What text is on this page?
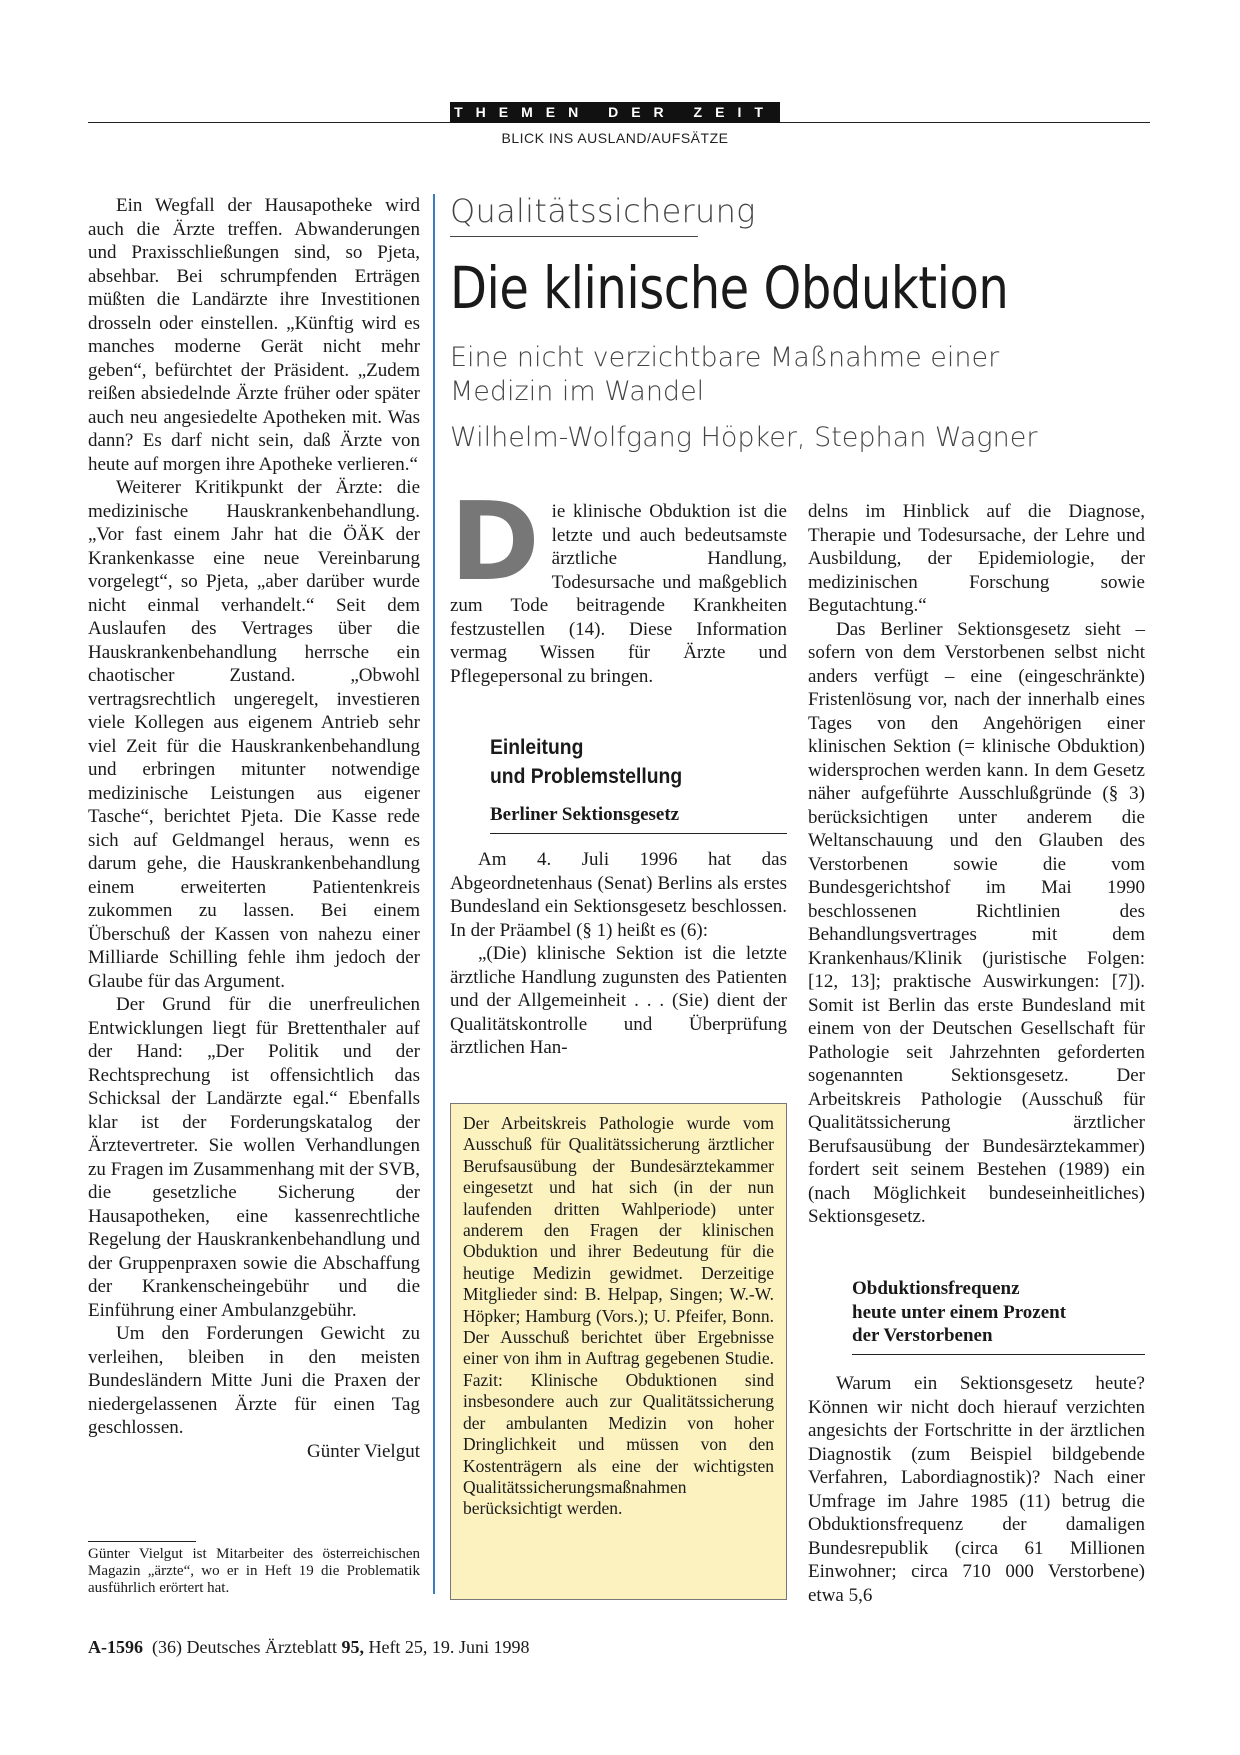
THEMEN DER ZEIT
BLICK INS AUSLAND/AUFSÄTZE

Ein Wegfall der Hausapotheke wird auch die Ärzte treffen. Abwanderungen und Praxisschließungen sind, so Pjeta, absehbar. Bei schrumpfenden Erträgen müßten die Landärzte ihre Investitionen drosseln oder einstellen. „Künftig wird es manches moderne Gerät nicht mehr geben“, befürchtet der Präsident. „Zudem reißen absiedelnde Ärzte früher oder später auch neu angesiedelte Apotheken mit. Was dann? Es darf nicht sein, daß Ärzte von heute auf morgen ihre Apotheke verlieren.“

Weiterer Kritikpunkt der Ärzte: die medizinische Hauskrankenbehandlung. „Vor fast einem Jahr hat die ÖÄK der Krankenkasse eine neue Vereinbarung vorgelegt“, so Pjeta, „aber darüber wurde nicht einmal verhandelt.“ Seit dem Auslaufen des Vertrages über die Hauskrankenbehandlung herrsche ein chaotischer Zustand. „Obwohl vertragsrechtlich ungeregelt, investieren viele Kollegen aus eigenem Antrieb sehr viel Zeit für die Hauskrankenbehandlung und erbringen mitunter notwendige medizinische Leistungen aus eigener Tasche“, berichtet Pjeta. Die Kasse rede sich auf Geldmangel heraus, wenn es darum gehe, die Hauskrankenbehandlung einem erweiterten Patientenkreis zukommen zu lassen. Bei einem Überschuß der Kassen von nahezu einer Milliarde Schilling fehle ihm jedoch der Glaube für das Argument.

Der Grund für die unerfreulichen Entwicklungen liegt für Brettenthaler auf der Hand: „Der Politik und der Rechtsprechung ist offensichtlich das Schicksal der Landärzte egal.“ Ebenfalls klar ist der Forderungskatalog der Ärztevertreter. Sie wollen Verhandlungen zu Fragen im Zusammenhang mit der SVB, die gesetzliche Sicherung der Hausapotheken, eine kassenrechtliche Regelung der Hauskrankenbehandlung und der Gruppenpraxen sowie die Abschaffung der Krankenscheingebühr und die Einführung einer Ambulanzgebühr.

Um den Forderungen Gewicht zu verleihen, bleiben in den meisten Bundesländern Mitte Juni die Praxen der niedergelassenen Ärzte für einen Tag geschlossen.

Günter Vielgut
Günter Vielgut ist Mitarbeiter des österreichischen Magazin „ärzte“, wo er in Heft 19 die Problematik ausführlich erörtert hat.
Qualitätssicherung
Die klinische Obduktion
Eine nicht verzichtbare Maßnahme einer Medizin im Wandel
Wilhelm-Wolfgang Höpker, Stephan Wagner
D ie klinische Obduktion ist die letzte und auch bedeutsamste ärztliche Handlung, Todesursache und maßgeblich zum Tode beitragende Krankheiten festzustellen (14). Diese Information vermag Wissen für Ärzte und Pflegepersonal zu bringen.

Einleitung
und Problemstellung
Berliner Sektionsgesetz

Am 4. Juli 1996 hat das Abgeordnetenhaus (Senat) Berlins als erstes Bundesland ein Sektionsgesetz beschlossen. In der Präambel (§ 1) heißt es (6):

„(Die) klinische Sektion ist die letzte ärztliche Handlung zugunsten des Patienten und der Allgemeinheit . . . (Sie) dient der Qualitätskontrolle und Überprüfung ärztlichen Han-

Der Arbeitskreis Pathologie wurde vom Ausschuß für Qualitätssicherung ärztlicher Berufsausübung der Bundesärztekammer eingesetzt und hat sich (in der nun laufenden dritten Wahlperiode) unter anderem den Fragen der klinischen Obduktion und ihrer Bedeutung für die heutige Medizin gewidmet. Derzeitige Mitglieder sind: B. Helpap, Singen; W.-W. Höpker; Hamburg (Vors.); U. Pfeifer, Bonn. Der Ausschuß berichtet über Ergebnisse einer von ihm in Auftrag gegebenen Studie. Fazit: Klinische Obduktionen sind insbesondere auch zur Qualitätssicherung der ambulanten Medizin von hoher Dringlichkeit und müssen von den Kostenträgern als eine der wichtigsten Qualitätssicherungsmaßnahmen berücksichtigt werden.

delns im Hinblick auf die Diagnose, Therapie und Todesursache, der Lehre und Ausbildung, der Epidemiologie, der medizinischen Forschung sowie Begutachtung.“

Das Berliner Sektionsgesetz sieht – sofern von dem Verstorbenen selbst nicht anders verfügt – eine (eingeschränkte) Fristenlösung vor, nach der innerhalb eines Tages von den Angehörigen einer klinischen Sektion (= klinische Obduktion) widersprochen werden kann. In dem Gesetz näher aufgeführte Ausschlußgründe (§ 3) berücksichtigen unter anderem die Weltanschauung und den Glauben des Verstorbenen sowie die vom Bundesgerichtshof im Mai 1990 beschlossenen Richtlinien des Behandlungsvertrages mit dem Krankenhaus/Klinik (juristische Folgen: [12, 13]; praktische Auswirkungen: [7]). Somit ist Berlin das erste Bundesland mit einem von der Deutschen Gesellschaft für Pathologie seit Jahrzehnten geforderten sogenannten Sektionsgesetz. Der Arbeitskreis Pathologie (Ausschuß für Qualitätssicherung ärztlicher Berufsausübung der Bundesärztekammer) fordert seit seinem Bestehen (1989) ein (nach Möglichkeit bundeseinheitliches) Sektionsgesetz.

Obduktionsfrequenz
heute unter einem Prozent
der Verstorbenen

Warum ein Sektionsgesetz heute? Können wir nicht doch hierauf verzichten angesichts der Fortschritte in der ärztlichen Diagnostik (zum Beispiel bildgebende Verfahren, Labordiagnostik)? Nach einer Umfrage im Jahre 1985 (11) betrug die Obduktionsfrequenz der damaligen Bundesrepublik (circa 61 Millionen Einwohner; circa 710 000 Verstorbene) etwa 5,6

A-1596 (36) Deutsches Ärzteblatt 95, Heft 25, 19. Juni 1998
